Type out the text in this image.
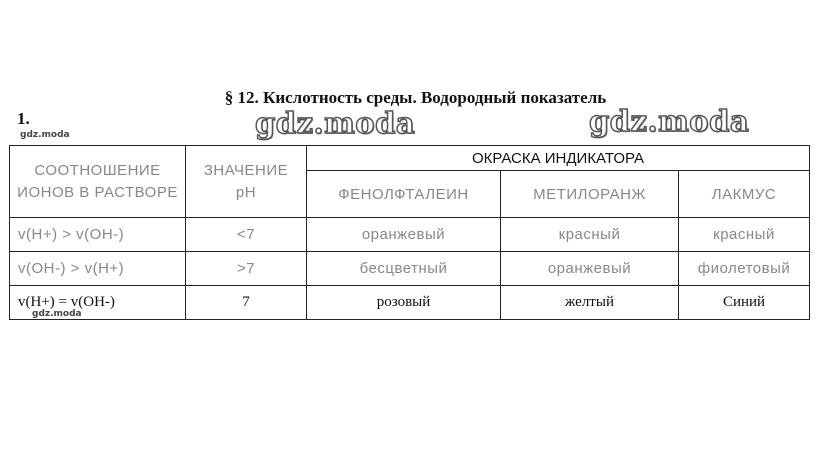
§ 12. Кислотность среды. Водородный показатель
1.	gdz.moda	gdz.moda
gdz.moda
gdz.moda
СООТНОШЕНИЕ ИОНОВ В РАСТВОРЕ	ЗНАЧЕНИЕ pH	ОКРАСКА ИНДИКАТОРА		
		ФЕНОЛФТАЛЕИН	МЕТИЛОРАНЖ	ЛАКМУС
v(H+) > v(OH-)	<7	оранжевый	красный	красный
v(OH-) > v(H+)	>7	бесцветный	оранжевый	фиолетовый
v(H+) = v(OH-)	7	розовый	желтый	Синий
